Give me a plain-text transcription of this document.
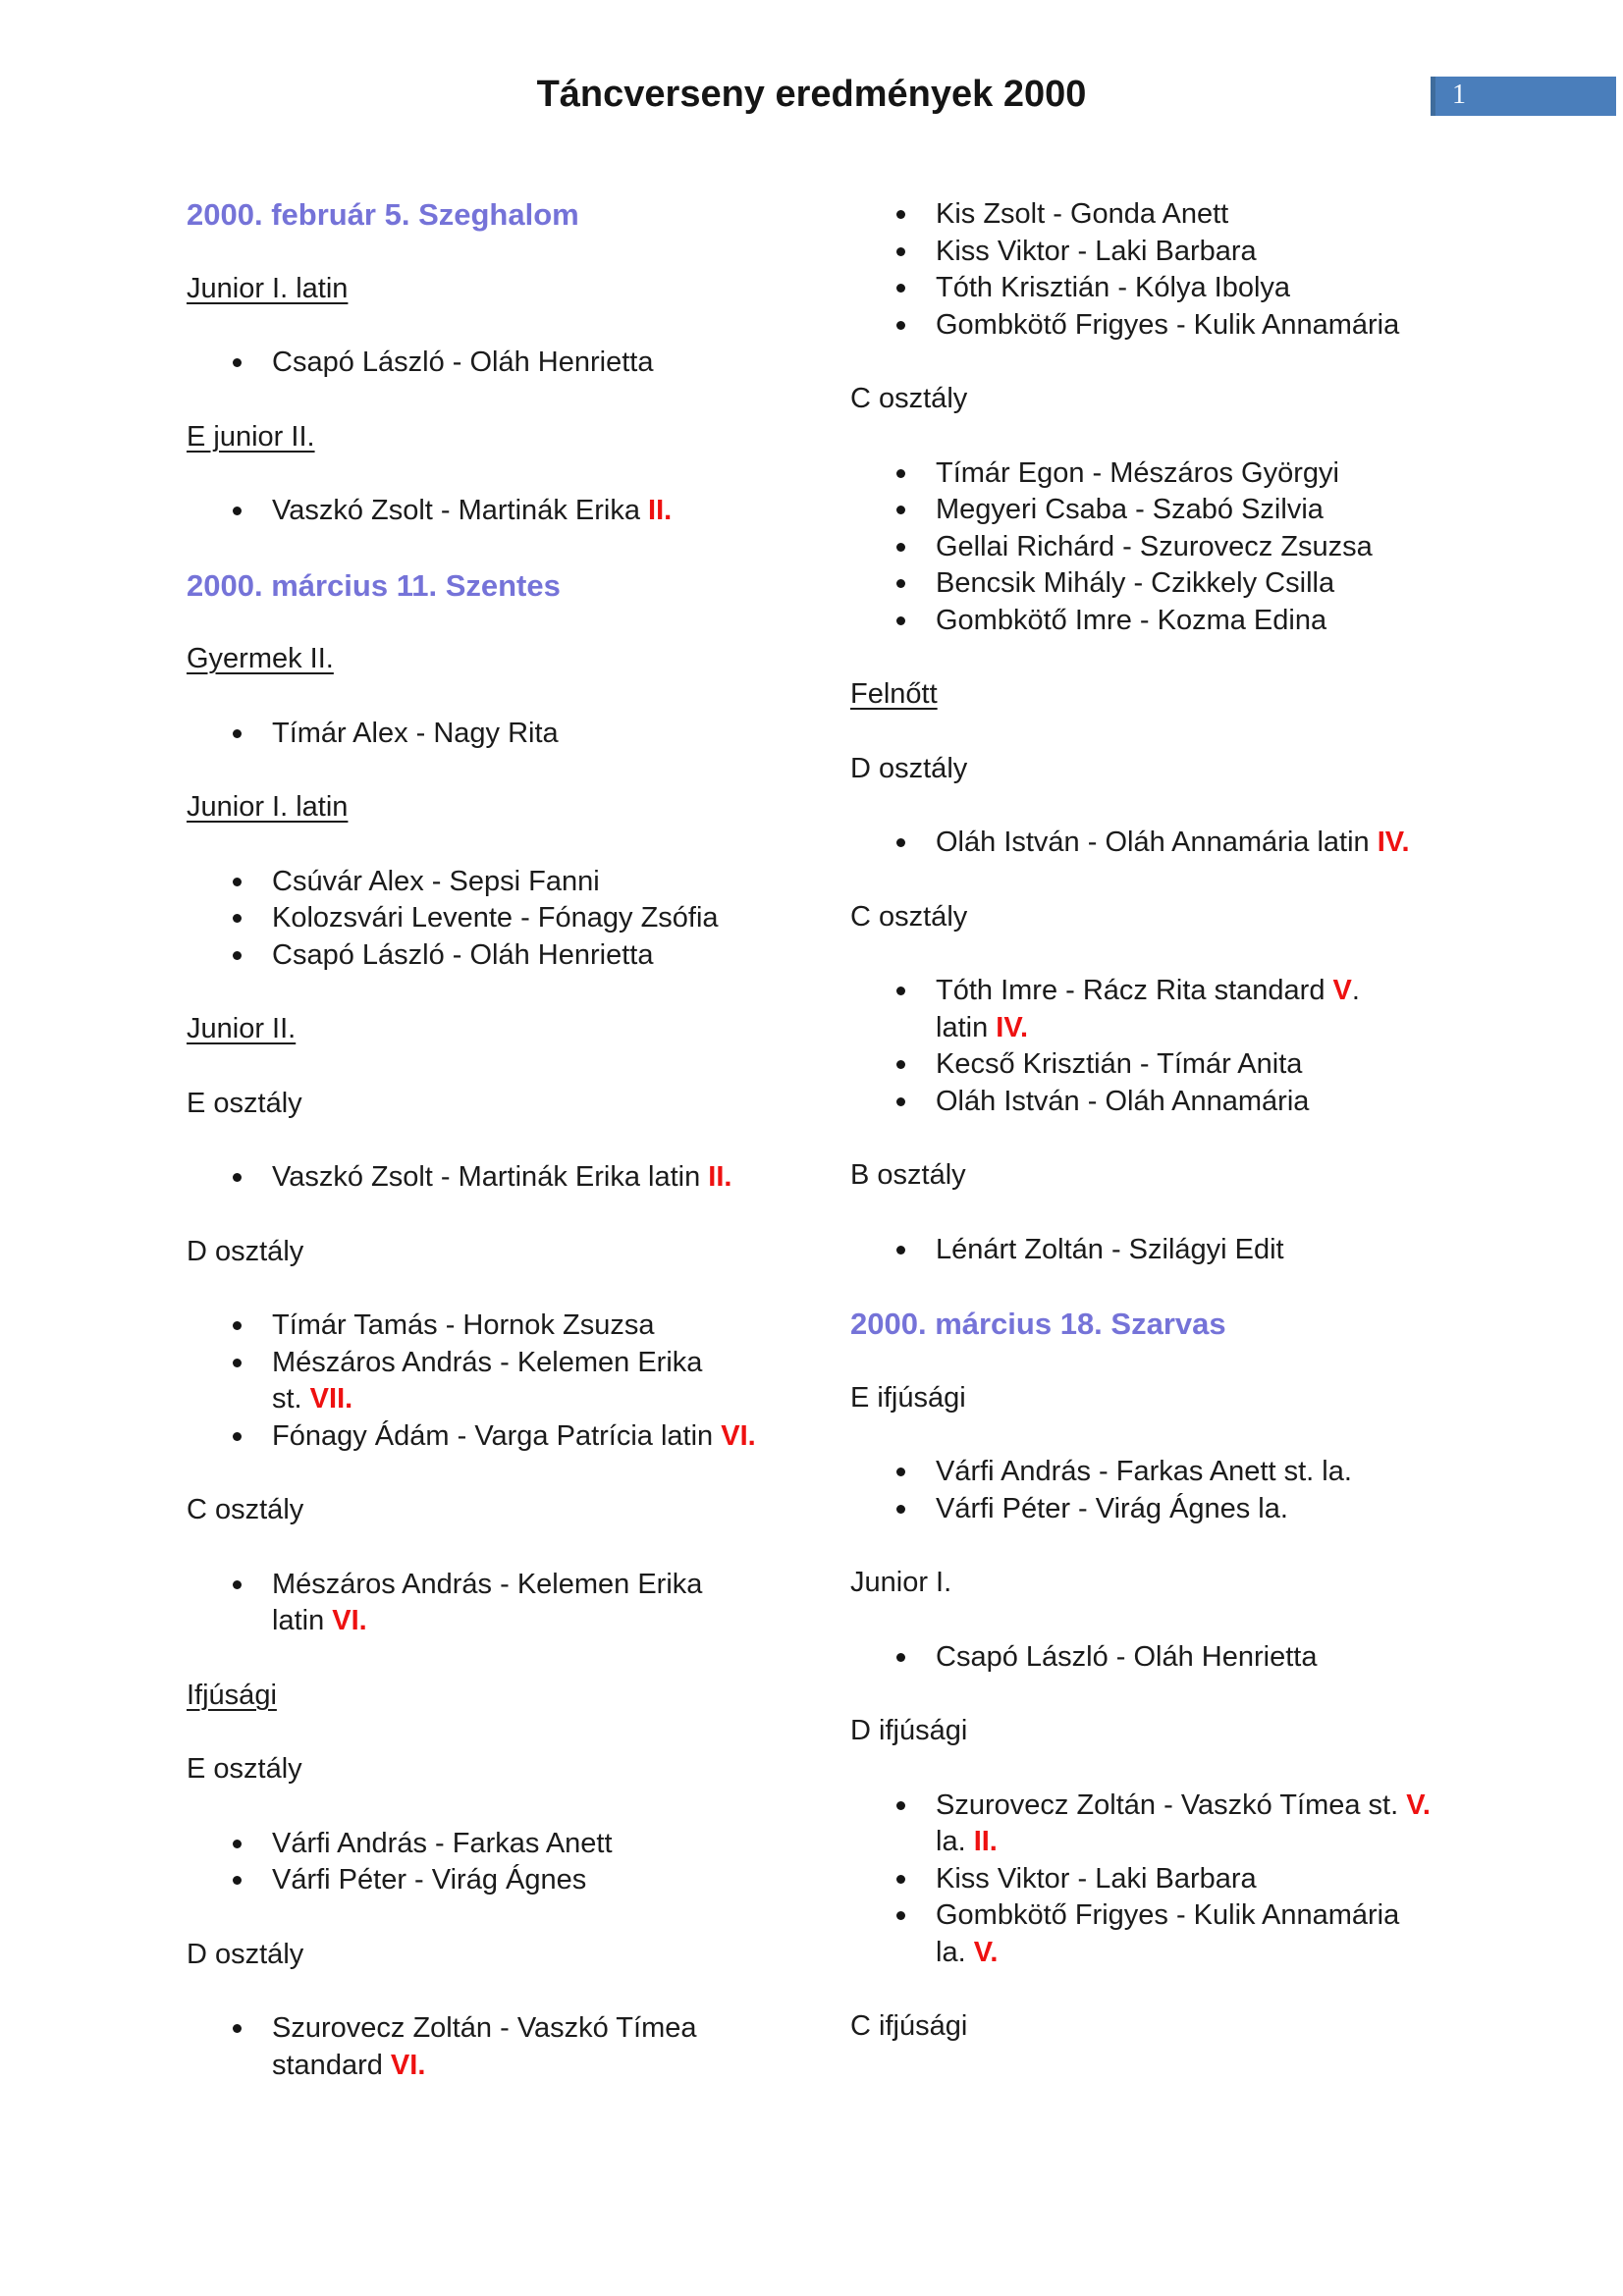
Táncverseny eredmények 2000	1
2000. február 5. Szeghalom
Junior I. latin
Csapó László - Oláh Henrietta
E junior II.
Vaszkó Zsolt - Martinák Erika II.
2000. március 11. Szentes
Gyermek II.
Tímár Alex - Nagy Rita
Junior I. latin
Csúvár Alex - Sepsi Fanni
Kolozsvári Levente - Fónagy Zsófia
Csapó László - Oláh Henrietta
Junior II.
E osztály
Vaszkó Zsolt - Martinák Erika latin II.
D osztály
Tímár Tamás - Hornok Zsuzsa
Mészáros András - Kelemen Erika
st. VII.
Fónagy Ádám - Varga Patrícia latin VI.
C osztály
Mészáros András - Kelemen Erika
latin VI.
Ifjúsági
E osztály
Várfi András - Farkas Anett
Várfi Péter - Virág Ágnes
D osztály
Szurovecz Zoltán - Vaszkó Tímea
standard VI.
Kis Zsolt - Gonda Anett
Kiss Viktor - Laki Barbara
Tóth Krisztián - Kólya Ibolya
Gombkötő Frigyes - Kulik Annamária
C osztály
Tímár Egon - Mészáros Györgyi
Megyeri Csaba - Szabó Szilvia
Gellai Richárd - Szurovecz Zsuzsa
Bencsik Mihály - Czikkely Csilla
Gombkötő Imre - Kozma Edina
Felnőtt
D osztály
Oláh István - Oláh Annamária latin IV.
C osztály
Tóth Imre - Rácz Rita standard V.
latin IV.
Kecső Krisztián - Tímár Anita
Oláh István - Oláh Annamária
B osztály
Lénárt Zoltán - Szilágyi Edit
2000. március 18. Szarvas
E ifjúsági
Várfi András - Farkas Anett st. la.
Várfi Péter - Virág Ágnes la.
Junior I.
Csapó László - Oláh Henrietta
D ifjúsági
Szurovecz Zoltán - Vaszkó Tímea st. V.
la. II.
Kiss Viktor - Laki Barbara
Gombkötő Frigyes - Kulik Annamária
la. V.
C ifjúsági
